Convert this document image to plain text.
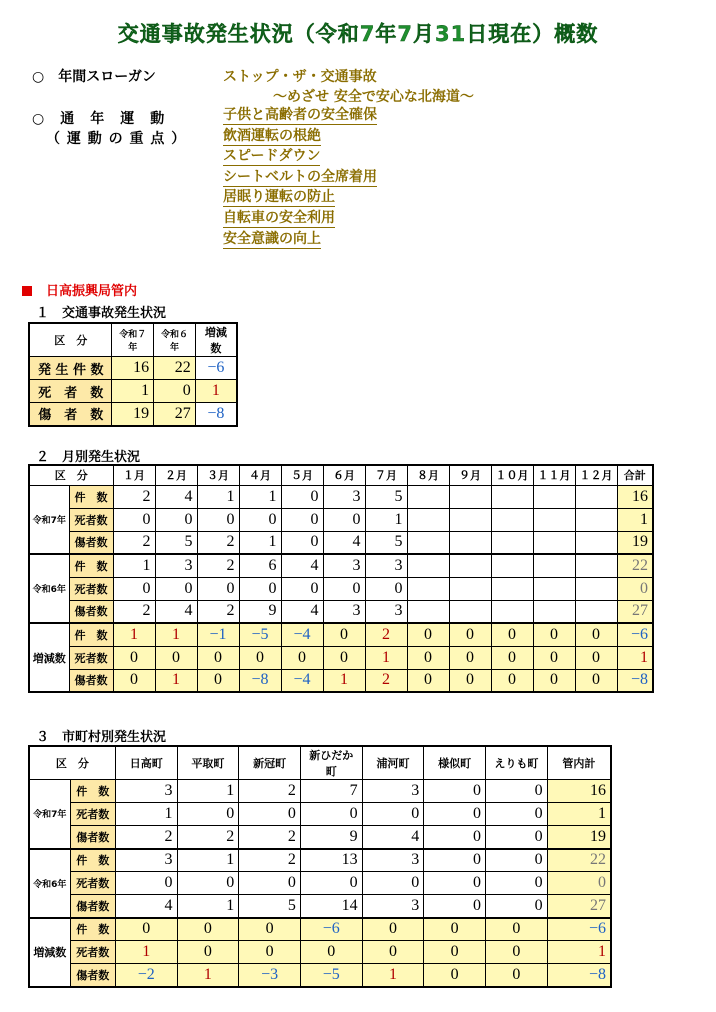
交通事故発生状況（令和7年7月31日現在）概数
○　年間スローガン	ストップ・ザ・交通事故
～めざせ 安全で安心な北海道～
○　通　年　運　動
（ 運 動 の 重 点 ）
子供と高齢者の安全確保
飲酒運転の根絶
スピードダウン
シートベルトの全席着用
居眠り運転の防止
自転車の安全利用
安全意識の向上
日高振興局管内
１　交通事故発生状況
区　分	令和７年	令和６年	増減数
発 生 件 数	16	22	−6
死　者　数	1	0	1
傷　者　数	19	27	−8
２　月別発生状況
区　分		１月	２月	３月	４月	５月	６月	７月	８月	９月	１０月	１１月	１２月	合計
令和7年	件　数	2	4	1	1	0	3	5						16
	死者数	0	0	0	0	0	0	1						1
	傷者数	2	5	2	1	0	4	5						19
令和6年	件　数	1	3	2	6	4	3	3						22
	死者数	0	0	0	0	0	0	0						0
	傷者数	2	4	2	9	4	3	3						27
増減数	件　数	1	1	−1	−5	−4	0	2	0	0	0	0	0	−6
	死者数	0	0	0	0	0	0	1	0	0	0	0	0	1
	傷者数	0	1	0	−8	−4	1	2	0	0	0	0	0	−8
３　市町村別発生状況
区　分		日高町	平取町	新冠町	新ひだか町	浦河町	様似町	えりも町	管内計
令和7年	件　数	3	1	2	7	3	0	0	16
	死者数	1	0	0	0	0	0	0	1
	傷者数	2	2	2	9	4	0	0	19
令和6年	件　数	3	1	2	13	3	0	0	22
	死者数	0	0	0	0	0	0	0	0
	傷者数	4	1	5	14	3	0	0	27
増減数	件　数	0	0	0	−6	0	0	0	−6
	死者数	1	0	0	0	0	0	0	1
	傷者数	−2	1	−3	−5	1	0	0	−8
